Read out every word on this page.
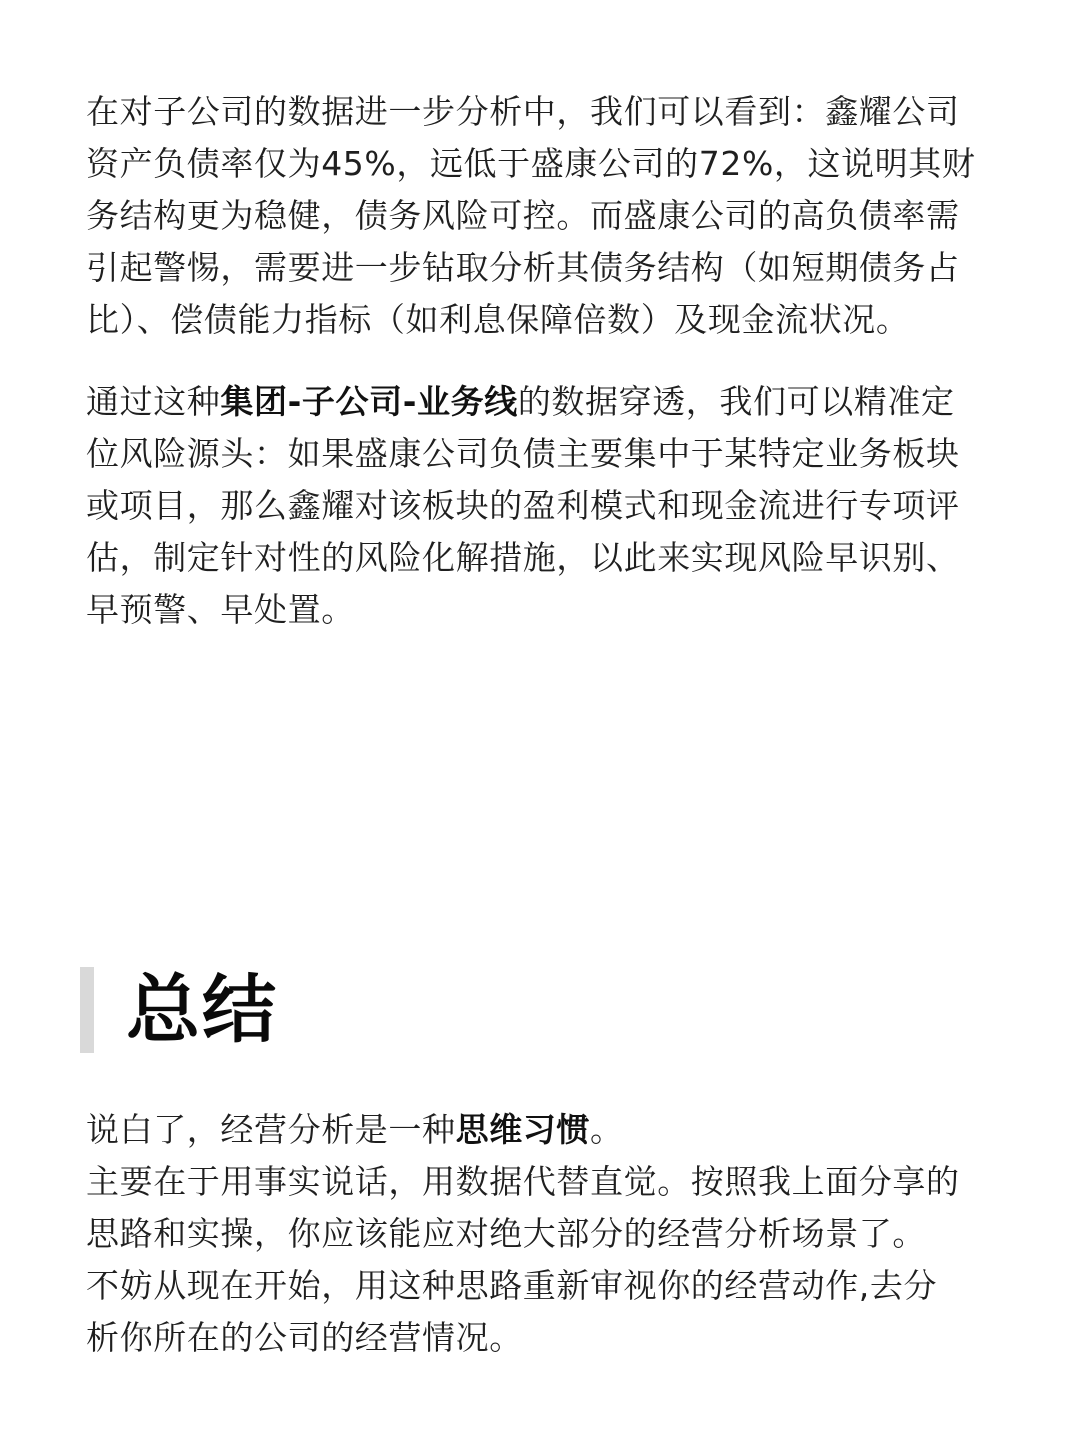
在对子公司的数据进一步分析中，我们可以看到：鑫耀公司
资产负债率仅为45%，远低于盛康公司的72%，这说明其财
务结构更为稳健，债务风险可控。而盛康公司的高负债率需
引起警惕，需要进一步钻取分析其债务结构（如短期债务占
比）、偿债能力指标（如利息保障倍数）及现金流状况。

通过这种集团-子公司-业务线的数据穿透，我们可以精准定
位风险源头：如果盛康公司负债主要集中于某特定业务板块
或项目，那么鑫耀对该板块的盈利模式和现金流进行专项评
估，制定针对性的风险化解措施，以此来实现风险早识别、
早预警、早处置。

总结

说白了，经营分析是一种思维习惯。
主要在于用事实说话，用数据代替直觉。按照我上面分享的
思路和实操，你应该能应对绝大部分的经营分析场景了。
不妨从现在开始，用这种思路重新审视你的经营动作,去分
析你所在的公司的经营情况。
